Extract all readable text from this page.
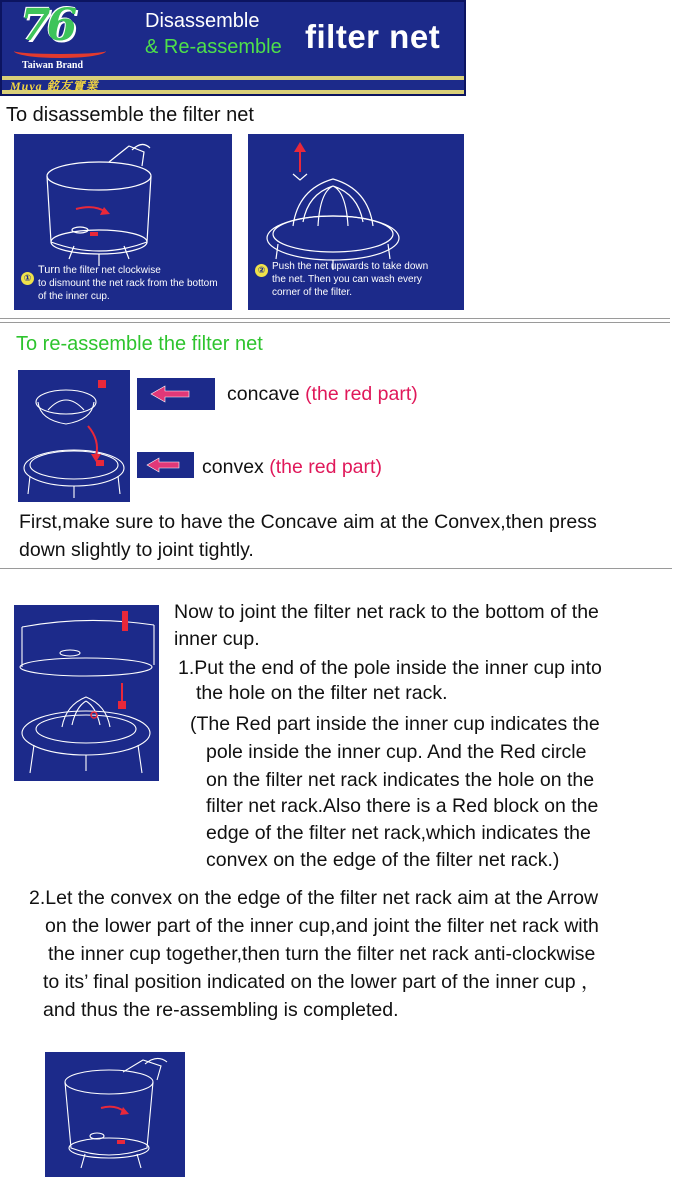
76
Taiwan Brand
Disassemble
& Re-assemble filter net
Muya 銘友實業
To disassemble the filter net
①
Turn the filter net clockwise
to dismount the net rack from the bottom
of the inner cup.
② Push the net upwards to take down
the net. Then you can wash every
corner of the filter.
To re-assemble the filter net
concave (the red part)
convex (the red part)
First,make sure to have the Concave aim at the Convex,then press
down slightly to joint tightly.
Now to joint the filter net rack to the bottom of the
inner cup.
1.Put the end of the pole inside the inner cup into
the hole on the filter net rack.
(The Red part inside the inner cup indicates the
pole inside the inner cup. And the Red circle
on the filter net rack indicates the hole on the
filter net rack.Also there is a Red block on the
edge of the filter net rack,which indicates the
convex on the edge of the filter net rack.)
2.Let the convex on the edge of the filter net rack aim at the Arrow
on the lower part of the inner cup,and joint the filter net rack with
the inner cup together,then turn the filter net rack anti-clockwise
to its’ final position indicated on the lower part of the inner cup ，
and thus the re-assembling is completed.
